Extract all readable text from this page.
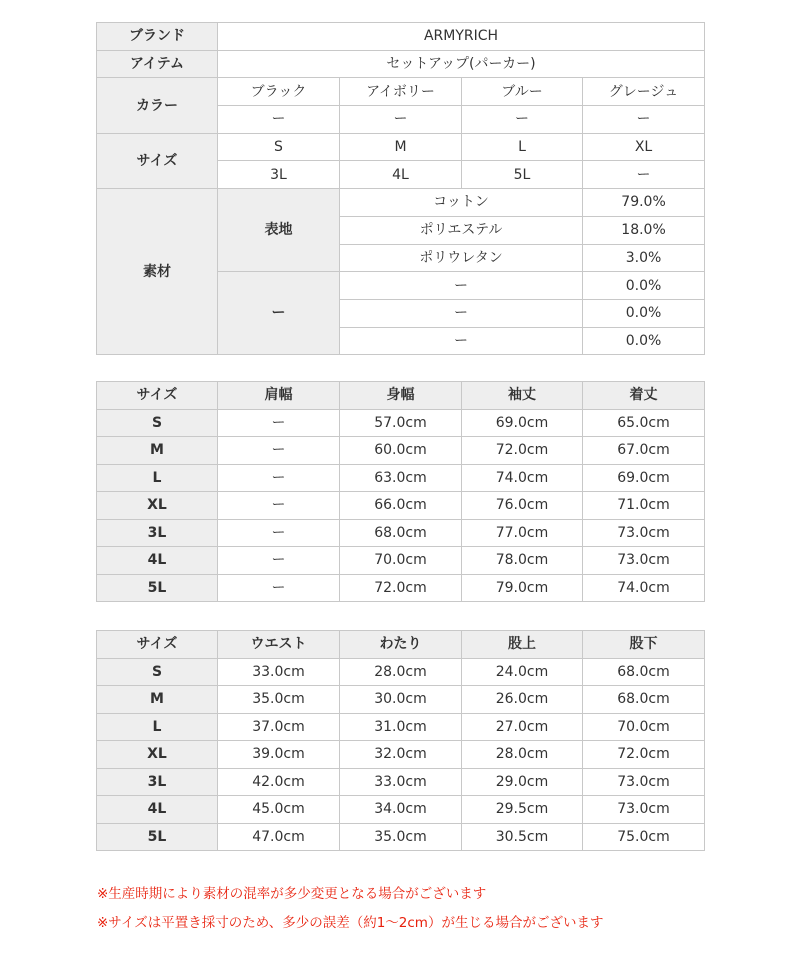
ブランド	ARMYRICH			
アイテム	セットアップ(パーカー)			
カラー	ブラック	アイボリー	ブルー	グレージュ
	ー	ー	ー	ー
サイズ	S	M	L	XL
	3L	4L	5L	ー
素材	表地	コットン		79.0%
		ポリエステル		18.0%
		ポリウレタン		3.0%
	ー	ー		0.0%
		ー		0.0%
		ー		0.0%
サイズ	肩幅	身幅	袖丈	着丈
S	ー	57.0cm	69.0cm	65.0cm
M	ー	60.0cm	72.0cm	67.0cm
L	ー	63.0cm	74.0cm	69.0cm
XL	ー	66.0cm	76.0cm	71.0cm
3L	ー	68.0cm	77.0cm	73.0cm
4L	ー	70.0cm	78.0cm	73.0cm
5L	ー	72.0cm	79.0cm	74.0cm
サイズ	ウエスト	わたり	股上	股下
S	33.0cm	28.0cm	24.0cm	68.0cm
M	35.0cm	30.0cm	26.0cm	68.0cm
L	37.0cm	31.0cm	27.0cm	70.0cm
XL	39.0cm	32.0cm	28.0cm	72.0cm
3L	42.0cm	33.0cm	29.0cm	73.0cm
4L	45.0cm	34.0cm	29.5cm	73.0cm
5L	47.0cm	35.0cm	30.5cm	75.0cm
※生産時期により素材の混率が多少変更となる場合がございます
※サイズは平置き採寸のため、多少の誤差（約1～2cm）が生じる場合がございます
